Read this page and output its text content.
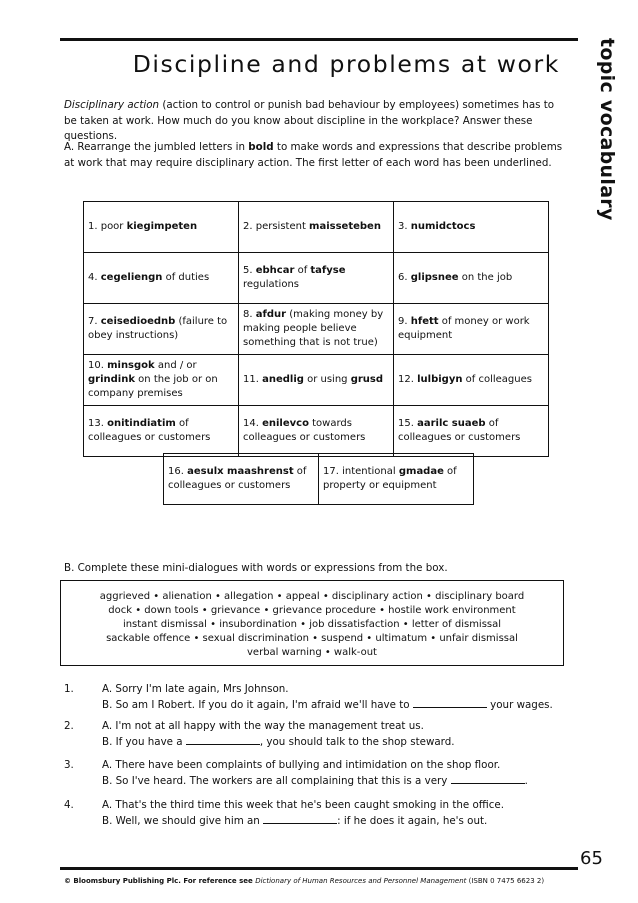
Discipline and problems at work topic vocabulary
Disciplinary action (action to control or punish bad behaviour by employees) sometimes has to be taken at work. How much do you know about discipline in the workplace? Answer these questions.
A. Rearrange the jumbled letters in bold to make words and expressions that describe problems at work that may require disciplinary action. The first letter of each word has been underlined.
1. poor kiegimpeten	2. persistent maisseteben	3. numidctocs
4. cegeliengn of duties	5. ebhcar of tafyse regulations	6. glipsnee on the job
7. ceisedioednb (failure to obey instructions)	8. afdur (making money by making people believe something that is not true)	9. hfett of money or work equipment
10. minsgok and / or grindink on the job or on company premises	11. anedlig or using grusd	12. lulbigyn of colleagues
13. onitindiatim of colleagues or customers	14. enilevco towards colleagues or customers	15. aarilc suaeb of colleagues or customers
16. aesulx maashrenst of colleagues or customers	17. intentional gmadae of property or equipment
B. Complete these mini-dialogues with words or expressions from the box.

aggrieved • alienation • allegation • appeal • disciplinary action • disciplinary board

dock • down tools • grievance • grievance procedure • hostile work environment

instant dismissal • insubordination • job dissatisfaction • letter of dismissal

sackable offence • sexual discrimination • suspend • ultimatum • unfair dismissal

verbal warning • walk-out

1.	A. Sorry I'm late again, Mrs Johnson.
B. So am I Robert. If you do it again, I'm afraid we'll have to	your wages.
2.	A. I'm not at all happy with the way the management treat us.
B. If you have a	, you should talk to the shop steward.
3.	A. There have been complaints of bullying and intimidation on the shop floor.
B. So I've heard. The workers are all complaining that this is a very	.
4.	A. That's the third time this week that he's been caught smoking in the office.
B. Well, we should give him an	: if he does it again, he's out.
65
© Bloomsbury Publishing Plc. For reference see Dictionary of Human Resources and Personnel Management (ISBN 0 7475 6623 2)
